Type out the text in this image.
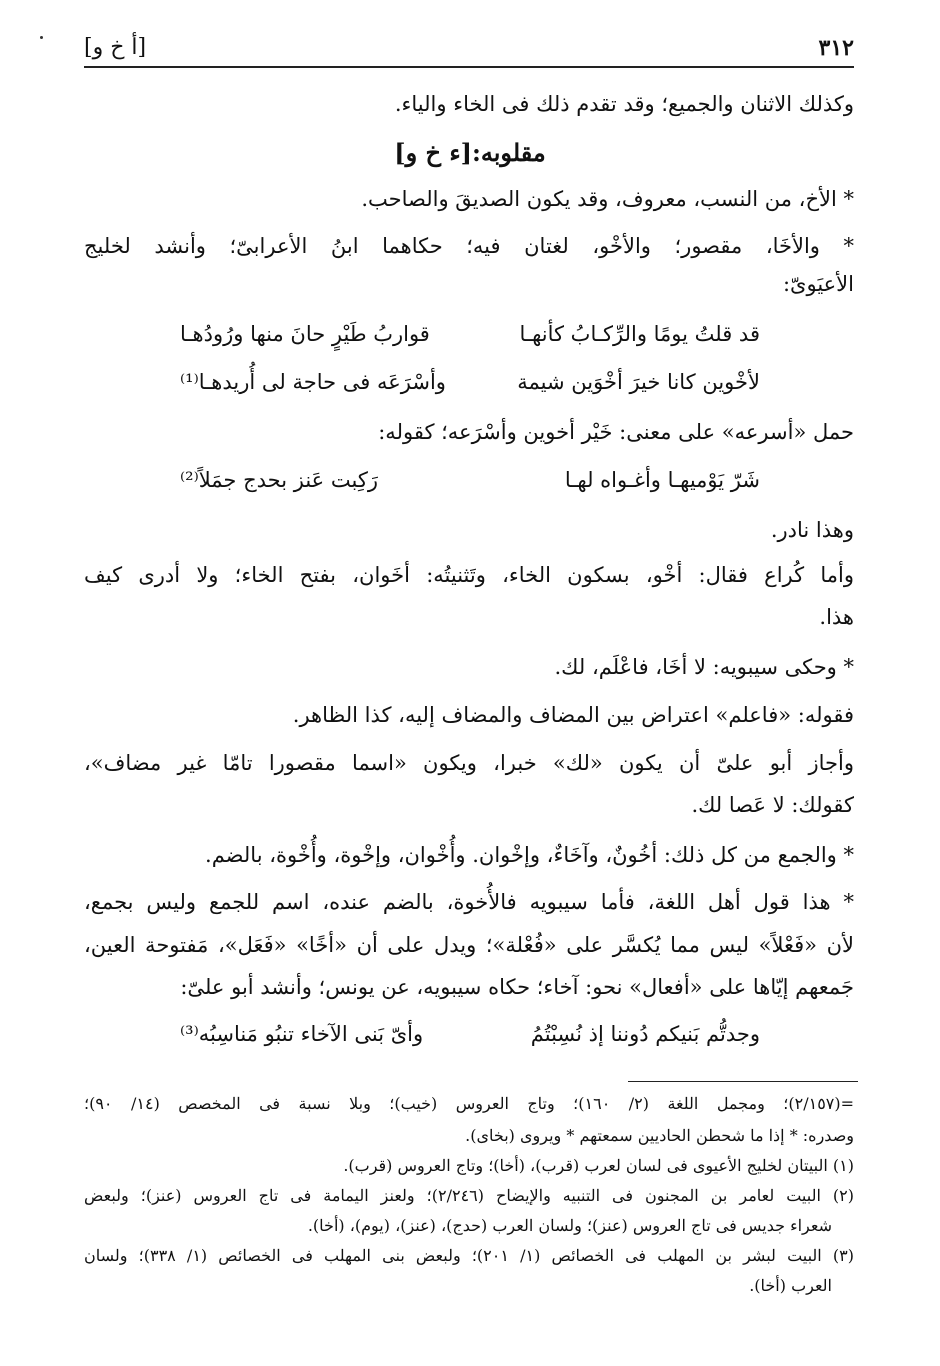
٣١٢
[أ خ و]
وكذلك الاثنان والجميع؛ وقد تقدم ذلك فى الخاء والياء.
مقلوبه:[ء خ و]
* الأخ، من النسب، معروف، وقد يكون الصديقَ والصاحب.
* والأخَا، مقصور؛ والأخْو، لغتان فيه؛ حكاهما ابنُ الأعرابىّ؛ وأنشد لخليج
الأعيَوىّ:
قد قلتُ يومًا والرِّكـابُ كأنهـا
قواربُ طَيْرٍ حانَ منها ورُودُهـا
لأخْوين كانا خيرَ أخْوَين شيمة
وأسْرَعَه فى حاجة لى أُريدهـا⁽¹⁾
حمل «أسرعه» على معنى: خَيْر أخوين وأسْرَعه؛ كقوله:
شَرّ يَوْميهـا وأغـواه لهـا
رَكِبت عَنز بحدج جمَلاً⁽²⁾
وهذا نادر.
وأما كُراع فقال: أخْو، بسكون الخاء، وتَثنيتُه: أخَوان، بفتح الخاء؛ ولا أدرى كيف
هذا.
* وحكى سيبويه: لا أخَا، فاعْلَم، لك.
فقوله: «فاعلم» اعتراض بين المضاف والمضاف إليه، كذا الظاهر.
وأجاز أبو علىّ أن يكون «لك» خبرا، ويكون «اسما مقصورا تامّا غير مضاف»،
كقولك: لا عَصا لك.
* والجمع من كل ذلك: أخُونٌ، وآخَاءٌ، وإخْوان. وأُخْوان، وإخْوة، وأُخْوة، بالضم.
* هذا قول أهل اللغة، فأما سيبويه فالأُخوة، بالضم عنده، اسم للجمع وليس بجمع،
لأن «فَعْلاً» ليس مما يُكسَّر على «فُعْلة»؛ ويدل على أن «أخًا» «فَعَل»، مَفتوحة العين،
جَمعهم إيّاها على «أفعال» نحو: آخاء؛ حكاه سيبويه، عن يونس؛ وأنشد أبو علىّ:
وجدتُّم بَنيكم دُوننا إذ نُسِبْتُمُ
وأىّ بَنى الآخاء تنبُو مَناسِبُه⁽³⁾
=(٢/١٥٧)؛ ومجمل اللغة (٢/ ١٦٠)؛ وتاج العروس (خيب)؛ وبلا نسبة فى المخصص (١٤/ ٩٠)؛
وصدره: * إذا ما شحطن الحاديين سمعتهم * ويروى (بخاى).
(١) البيتان لخليج الأعيوى فى لسان لعرب (قرب)، (أخا)؛ وتاج العروس (قرب).
(٢) البيت لعامر بن المجنون فى التنبيه والإيضاح (٢/٢٤٦)؛ ولعنز اليمامة فى تاج العروس (عنز)؛ ولبعض
شعراء جديس فى تاج العروس (عنز)؛ ولسان العرب (حدج)، (عنز)، (يوم)، (أخا).
(٣) البيت لبشر بن المهلب فى الخصائص (١/ ٢٠١)؛ ولبعض بنى المهلب فى الخصائص (١/ ٣٣٨)؛ ولسان
العرب (أخا).
